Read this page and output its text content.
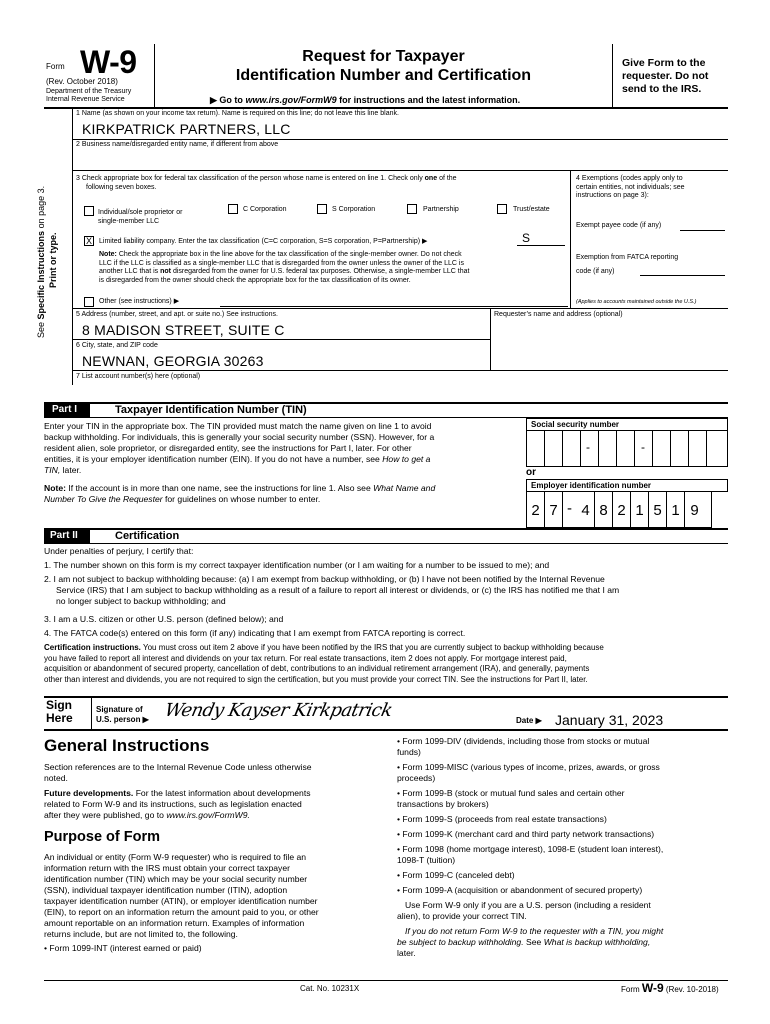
Form W-9
(Rev. October 2018)
Department of the Treasury
Internal Revenue Service
Request for Taxpayer
Identification Number and Certification
▶ Go to www.irs.gov/FormW9 for instructions and the latest information.
Give Form to the
requester. Do not
send to the IRS.
See Specific Instructions on page 3.
Print or type.
1 Name (as shown on your income tax return). Name is required on this line; do not leave this line blank.
KIRKPATRICK PARTNERS, LLC
2 Business name/disregarded entity name, if different from above
3 Check appropriate box for federal tax classification of the person whose name is entered on line 1. Check only one of the
following seven boxes.
Individual/sole proprietor or
single-member LLC
C Corporation	S Corporation	Partnership	Trust/estate
X Limited liability company. Enter the tax classification (C=C corporation, S=S corporation, P=Partnership) ▶	S
Note: Check the appropriate box in the line above for the tax classification of the single-member owner. Do not check
LLC if the LLC is classified as a single-member LLC that is disregarded from the owner unless the owner of the LLC is
another LLC that is not disregarded from the owner for U.S. federal tax purposes. Otherwise, a single-member LLC that
is disregarded from the owner should check the appropriate box for the tax classification of its owner.
Other (see instructions) ▶
4 Exemptions (codes apply only to
certain entities, not individuals; see
instructions on page 3):
Exempt payee code (if any)
Exemption from FATCA reporting
code (if any)
(Applies to accounts maintained outside the U.S.)
5 Address (number, street, and apt. or suite no.) See instructions.
8 MADISON STREET, SUITE C
Requester’s name and address (optional)
6 City, state, and ZIP code
NEWNAN, GEORGIA 30263
7 List account number(s) here (optional)
Part I	Taxpayer Identification Number (TIN)
Enter your TIN in the appropriate box. The TIN provided must match the name given on line 1 to avoid
backup withholding. For individuals, this is generally your social security number (SSN). However, for a
resident alien, sole proprietor, or disregarded entity, see the instructions for Part I, later. For other
entities, it is your employer identification number (EIN). If you do not have a number, see How to get a
TIN, later.
Note: If the account is in more than one name, see the instructions for line 1. Also see What Name and
Number To Give the Requester for guidelines on whose number to enter.
Social security number
-	-
or
Employer identification number
2 7 - 4 8 2 1 5 1 9
Part II	Certification
Under penalties of perjury, I certify that:
1. The number shown on this form is my correct taxpayer identification number (or I am waiting for a number to be issued to me); and
2. I am not subject to backup withholding because: (a) I am exempt from backup withholding, or (b) I have not been notified by the Internal Revenue
Service (IRS) that I am subject to backup withholding as a result of a failure to report all interest or dividends, or (c) the IRS has notified me that I am
no longer subject to backup withholding; and
3. I am a U.S. citizen or other U.S. person (defined below); and
4. The FATCA code(s) entered on this form (if any) indicating that I am exempt from FATCA reporting is correct.
Certification instructions. You must cross out item 2 above if you have been notified by the IRS that you are currently subject to backup withholding because
you have failed to report all interest and dividends on your tax return. For real estate transactions, item 2 does not apply. For mortgage interest paid,
acquisition or abandonment of secured property, cancellation of debt, contributions to an individual retirement arrangement (IRA), and generally, payments
other than interest and dividends, you are not required to sign the certification, but you must provide your correct TIN. See the instructions for Part II, later.
Sign
Here
Signature of
U.S. person ▶ Wendy Kayser Kirkpatrick	Date ▶ January 31, 2023
General Instructions
Section references are to the Internal Revenue Code unless otherwise
noted.
Future developments. For the latest information about developments
related to Form W-9 and its instructions, such as legislation enacted
after they were published, go to www.irs.gov/FormW9.
Purpose of Form
An individual or entity (Form W-9 requester) who is required to file an
information return with the IRS must obtain your correct taxpayer
identification number (TIN) which may be your social security number
(SSN), individual taxpayer identification number (ITIN), adoption
taxpayer identification number (ATIN), or employer identification number
(EIN), to report on an information return the amount paid to you, or other
amount reportable on an information return. Examples of information
returns include, but are not limited to, the following.
• Form 1099-INT (interest earned or paid)
• Form 1099-DIV (dividends, including those from stocks or mutual
funds)
• Form 1099-MISC (various types of income, prizes, awards, or gross
proceeds)
• Form 1099-B (stock or mutual fund sales and certain other
transactions by brokers)
• Form 1099-S (proceeds from real estate transactions)
• Form 1099-K (merchant card and third party network transactions)
• Form 1098 (home mortgage interest), 1098-E (student loan interest),
1098-T (tuition)
• Form 1099-C (canceled debt)
• Form 1099-A (acquisition or abandonment of secured property)
Use Form W-9 only if you are a U.S. person (including a resident
alien), to provide your correct TIN.
If you do not return Form W-9 to the requester with a TIN, you might
be subject to backup withholding. See What is backup withholding,
later.
Cat. No. 10231X	Form W-9 (Rev. 10-2018)
